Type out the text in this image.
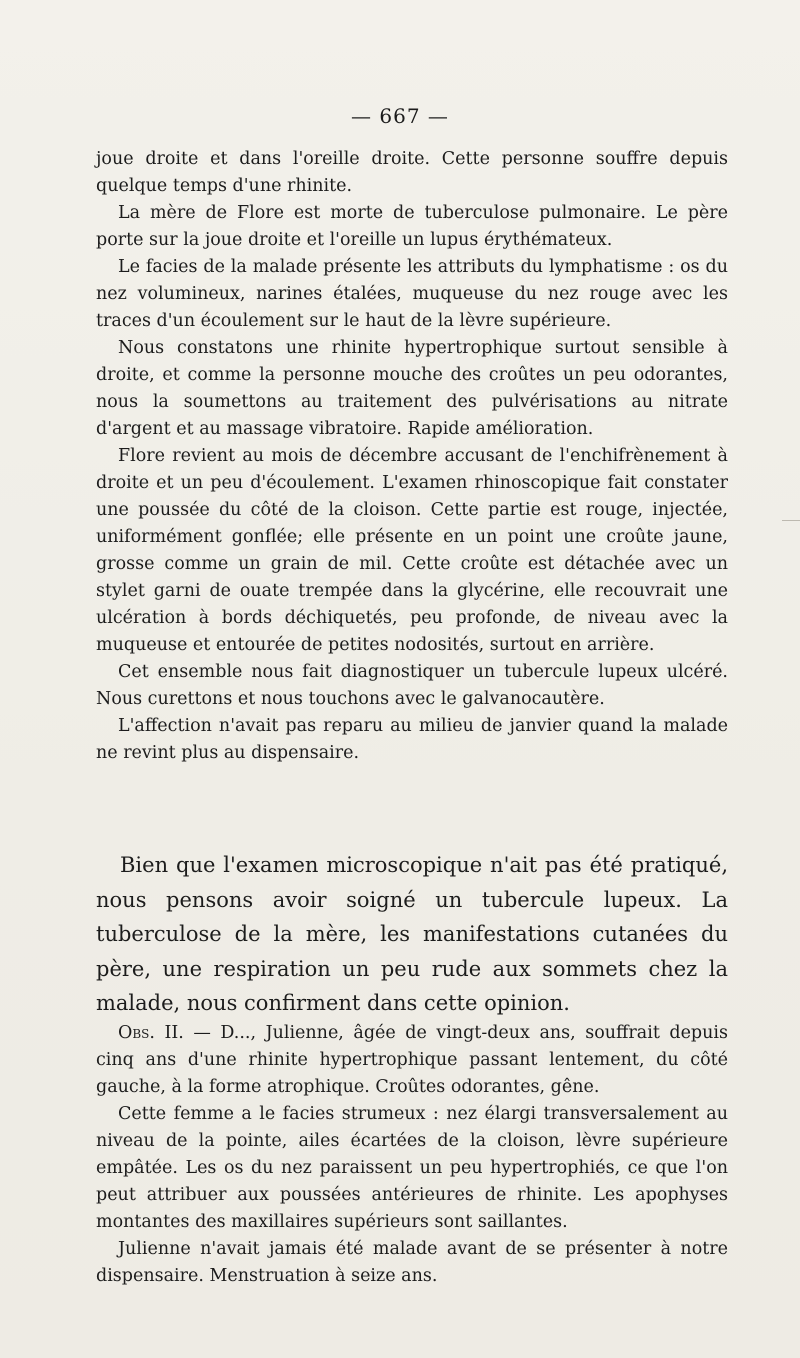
— 667 —

joue droite et dans l'oreille droite. Cette personne souffre depuis quelque temps d'une rhinite.

La mère de Flore est morte de tuberculose pulmonaire. Le père porte sur la joue droite et l'oreille un lupus érythémateux.

Le facies de la malade présente les attributs du lymphatisme : os du nez volumineux, narines étalées, muqueuse du nez rouge avec les traces d'un écoulement sur le haut de la lèvre supérieure.

Nous constatons une rhinite hypertrophique surtout sensible à droite, et comme la personne mouche des croûtes un peu odorantes, nous la soumettons au traitement des pulvérisations au nitrate d'argent et au massage vibratoire. Rapide amélioration.

Flore revient au mois de décembre accusant de l'enchifrènement à droite et un peu d'écoulement. L'examen rhinoscopique fait constater une poussée du côté de la cloison. Cette partie est rouge, injectée, uniformément gonflée; elle présente en un point une croûte jaune, grosse comme un grain de mil. Cette croûte est détachée avec un stylet garni de ouate trempée dans la glycérine, elle recouvrait une ulcération à bords déchiquetés, peu profonde, de niveau avec la muqueuse et entourée de petites nodosités, surtout en arrière.

Cet ensemble nous fait diagnostiquer un tubercule lupeux ulcéré. Nous curettons et nous touchons avec le galvanocautère.

L'affection n'avait pas reparu au milieu de janvier quand la malade ne revint plus au dispensaire.

Bien que l'examen microscopique n'ait pas été pratiqué, nous pensons avoir soigné un tubercule lupeux. La tuberculose de la mère, les manifestations cutanées du père, une respiration un peu rude aux sommets chez la malade, nous confirment dans cette opinion.

Obs. II. — D..., Julienne, âgée de vingt-deux ans, souffrait depuis cinq ans d'une rhinite hypertrophique passant lentement, du côté gauche, à la forme atrophique. Croûtes odorantes, gêne.

Cette femme a le facies strumeux : nez élargi transversalement au niveau de la pointe, ailes écartées de la cloison, lèvre supérieure empâtée. Les os du nez paraissent un peu hypertrophiés, ce que l'on peut attribuer aux poussées antérieures de rhinite. Les apophyses montantes des maxillaires supérieurs sont saillantes.

Julienne n'avait jamais été malade avant de se présenter à notre dispensaire. Menstruation à seize ans.
